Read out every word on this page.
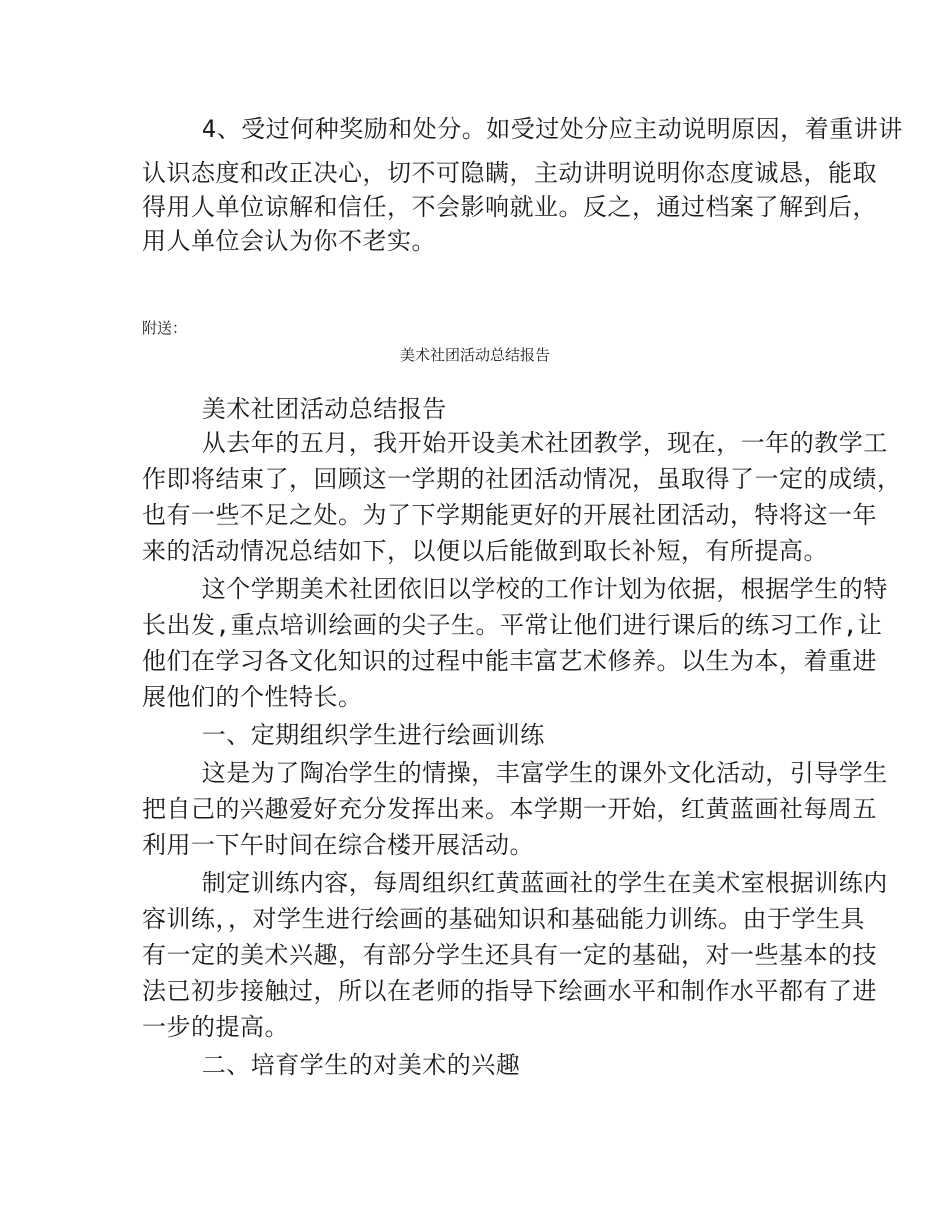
4、受过何种奖励和处分。如受过处分应主动说明原因，着重讲讲
认识态度和改正决心，切不可隐瞒，主动讲明说明你态度诚恳，能取
得用人单位谅解和信任，不会影响就业。反之，通过档案了解到后，
用人单位会认为你不老实。
附送：
美术社团活动总结报告
美术社团活动总结报告
从去年的五月，我开始开设美术社团教学，现在，一年的教学工
作即将结束了，回顾这一学期的社团活动情况，虽取得了一定的成绩，
也有一些不足之处。为了下学期能更好的开展社团活动，特将这一年
来的活动情况总结如下，以便以后能做到取长补短，有所提高。
这个学期美术社团依旧以学校的工作计划为依据，根据学生的特
长出发,重点培训绘画的尖子生。平常让他们进行课后的练习工作,让
他们在学习各文化知识的过程中能丰富艺术修养。以生为本，着重进
展他们的个性特长。
一、定期组织学生进行绘画训练
这是为了陶冶学生的情操，丰富学生的课外文化活动，引导学生
把自己的兴趣爱好充分发挥出来。本学期一开始，红黄蓝画社每周五
利用一下午时间在综合楼开展活动。
制定训练内容，每周组织红黄蓝画社的学生在美术室根据训练内
容训练，，对学生进行绘画的基础知识和基础能力训练。由于学生具
有一定的美术兴趣，有部分学生还具有一定的基础，对一些基本的技
法已初步接触过，所以在老师的指导下绘画水平和制作水平都有了进
一步的提高。
二、培育学生的对美术的兴趣
